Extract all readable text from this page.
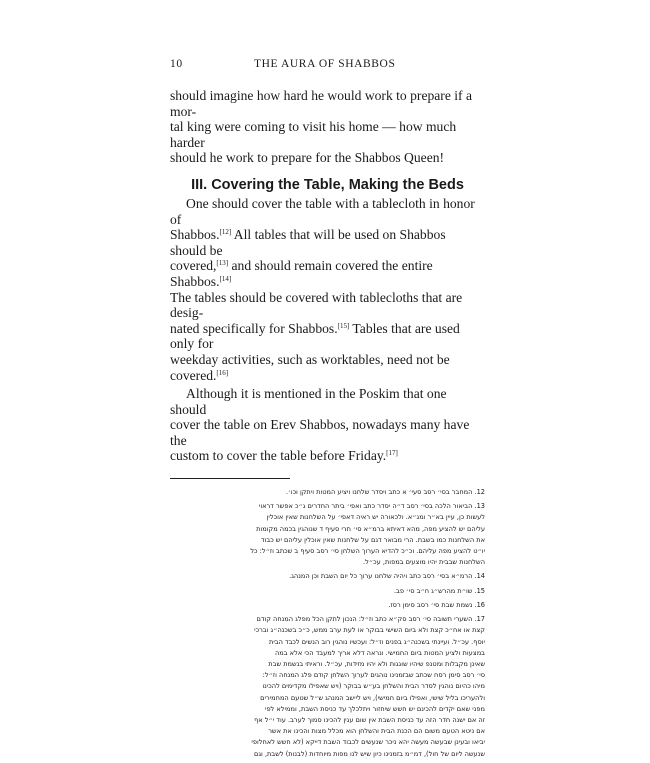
10	THE AURA OF SHABBOS

should imagine how hard he would work to prepare if a mor-
tal king were coming to visit his home — how much harder
should he work to prepare for the Shabbos Queen!

III. Covering the Table, Making the Beds

One should cover the table with a tablecloth in honor of
Shabbos.[12] All tables that will be used on Shabbos should be
covered,[13] and should remain covered the entire Shabbos.[14]
The tables should be covered with tablecloths that are desig-
nated specifically for Shabbos.[15] Tables that are used only for
weekday activities, such as worktables, need not be covered.[16]

Although it is mentioned in the Poskim that one should
cover the table on Erev Shabbos, nowadays many have the
custom to cover the table before Friday.[17]

12. המחבר בסי׳ רסב סעי׳ א כתב ויסדר שלחנו ויציע המטות ויתקן וכו׳.

13. הביאור הלכה בסי׳ רסב ד״ה יסדר כתב ואפי׳ ביתר החדרים ג״כ אפשר דראוי
לעשות כן, עיין בא״ר ומג״א. ולכאורה יש ראיה דאפי׳ על השלחנות שאין אוכלין
עליהם יש להציע מפה, מהא דאיתא ברמ״א סי׳ תרי סעיף ד שנוהגין בכמה מקומות
את השלחנות כמו בשבת. הרי מבואר דגם על שלחנות שאין אוכלין עליהם יש כבוד
יו״ט להציע מפה עליהם. וכ״כ להדיא הערוך השלחן סי׳ רסב סעיף ב שכתב וז״ל: כל
השלחנות שבבית יהיו מוצעים במפות, עכ״ל.

14. הרמ״א בסי׳ רסב כתב ויהיה שלחנו ערוך כל יום השבת וכן המנהג.

15. שו״ת מהרש״ג ח״ב סי׳ פב.

16. נשמת שבת סי׳ רסב סימן רסז.

17. השערי תשובה סי׳ רסב סק״א כתב וז״ל: הנכון לתקן הכל מפלג המנחה קודם
קצת או אח״כ קצת ולא ביום השישי בבוקר או לעת ערב ממש, כ״כ בשכנה״ג וברכי
יוסף. עכ״ל. ועיינתי בשכנה״ג בפנים וז״ל: ועכשיו נוהגין רוב הנשים לכבד הבית
במצעות ולציע המטות ביום החמישי. ונראה דלא אריך למעבד הכי אלא במה
שאינן מקבלות ומטנפ שיהיו שוגגות ולא יהיו מזידות, עכ״ל. וראיתי בנשמת שבת
סי׳ רסב סימן רסח שכתב שבזמנינו נוהגים לערוך השלחן קודם פלג המנחה וז״ל:
מיהו כהיום נוהגין לסדר הבית והשלחן בע״ש בבוקר (ויש שאפילו מקדימים להכינו
ולהעריכו בליל שישי, ואפילו ביום חמישי), ויש ליישב המנהג ש״ל שטעם המחמירים
מפני שאם יקדים להכינם יש חשש שיחזור ויתלכלך עד כניסת השבת, וממילא לפי
זה אם ישנה חדר הזה עד כניסת השבת אין שום עגין להכינו סמוך לערב. עוד י״ל אף
אם ניטא הטעם משום הם הכנת הבית והשלחן הוא מכלל מצות והכינו את אשר
יביאו ובעינן שבעשה מעשה יהא ניכר שנעשים לכבוד השבת דייקא (לא חשש לאחלופי
שנעשה ליום של חול), דמ״מ בזמנינו כיון שיש לנו מפות מיוחדות (לבנות) לשבת, וגם
